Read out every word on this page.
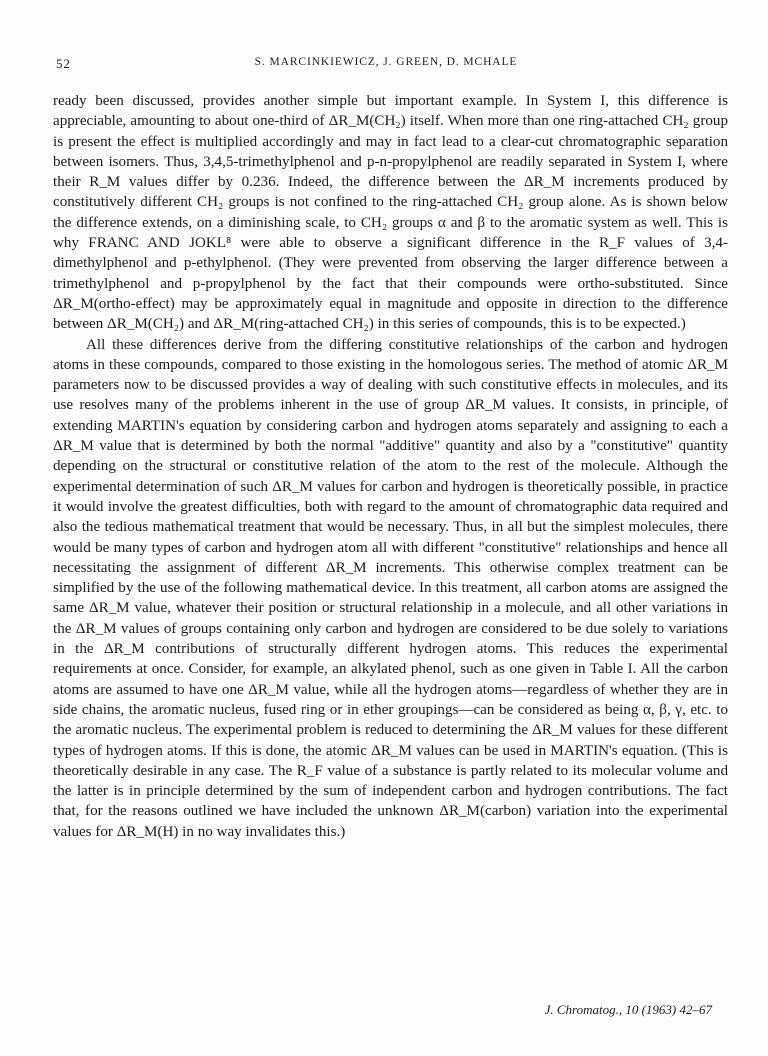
52	S. MARCINKIEWICZ, J. GREEN, D. MCHALE

ready been discussed, provides another simple but important example. In System I, this difference is appreciable, amounting to about one-third of ΔR_M(CH₂) itself. When more than one ring-attached CH₂ group is present the effect is multiplied accordingly and may in fact lead to a clear-cut chromatographic separation between isomers. Thus, 3,4,5-trimethylphenol and p-n-propylphenol are readily separated in System I, where their R_M values differ by 0.236. Indeed, the difference between the ΔR_M increments produced by constitutively different CH₂ groups is not confined to the ring-attached CH₂ group alone. As is shown below the difference extends, on a diminishing scale, to CH₂ groups α and β to the aromatic system as well. This is why FRANC AND JOKL⁸ were able to observe a significant difference in the R_F values of 3,4-dimethylphenol and p-ethylphenol. (They were prevented from observing the larger difference between a trimethylphenol and p-propylphenol by the fact that their compounds were ortho-substituted. Since ΔR_M(ortho-effect) may be approximately equal in magnitude and opposite in direction to the difference between ΔR_M(CH₂) and ΔR_M(ring-attached CH₂) in this series of compounds, this is to be expected.)

All these differences derive from the differing constitutive relationships of the carbon and hydrogen atoms in these compounds, compared to those existing in the homologous series. The method of atomic ΔR_M parameters now to be discussed provides a way of dealing with such constitutive effects in molecules, and its use resolves many of the problems inherent in the use of group ΔR_M values. It consists, in principle, of extending MARTIN's equation by considering carbon and hydrogen atoms separately and assigning to each a ΔR_M value that is determined by both the normal "additive" quantity and also by a "constitutive" quantity depending on the structural or constitutive relation of the atom to the rest of the molecule. Although the experimental determination of such ΔR_M values for carbon and hydrogen is theoretically possible, in practice it would involve the greatest difficulties, both with regard to the amount of chromatographic data required and also the tedious mathematical treatment that would be necessary. Thus, in all but the simplest molecules, there would be many types of carbon and hydrogen atom all with different "constitutive" relationships and hence all necessitating the assignment of different ΔR_M increments. This otherwise complex treatment can be simplified by the use of the following mathematical device. In this treatment, all carbon atoms are assigned the same ΔR_M value, whatever their position or structural relationship in a molecule, and all other variations in the ΔR_M values of groups containing only carbon and hydrogen are considered to be due solely to variations in the ΔR_M contributions of structurally different hydrogen atoms. This reduces the experimental requirements at once. Consider, for example, an alkylated phenol, such as one given in Table I. All the carbon atoms are assumed to have one ΔR_M value, while all the hydrogen atoms—regardless of whether they are in side chains, the aromatic nucleus, fused ring or in ether groupings—can be considered as being α, β, γ, etc. to the aromatic nucleus. The experimental problem is reduced to determining the ΔR_M values for these different types of hydrogen atoms. If this is done, the atomic ΔR_M values can be used in MARTIN's equation. (This is theoretically desirable in any case. The R_F value of a substance is partly related to its molecular volume and the latter is in principle determined by the sum of independent carbon and hydrogen contributions. The fact that, for the reasons outlined we have included the unknown ΔR_M(carbon) variation into the experimental values for ΔR_M(H) in no way invalidates this.)

J. Chromatog., 10 (1963) 42–67
